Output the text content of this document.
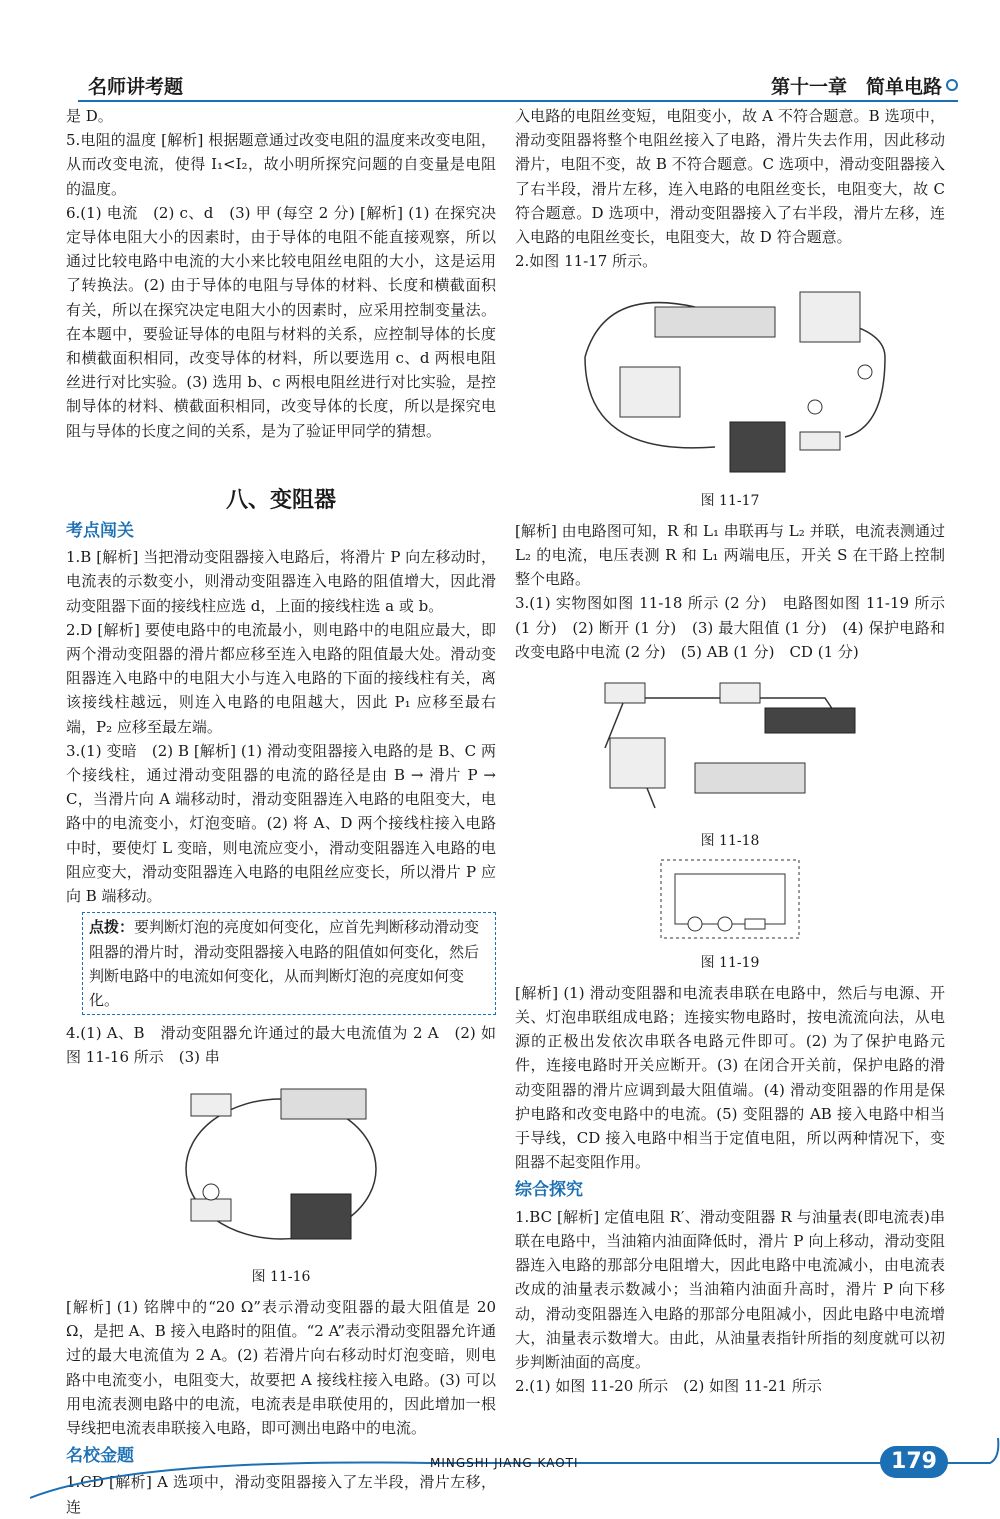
名师讲考题	第十一章　简单电路

是 D。

5.电阻的温度 [解析] 根据题意通过改变电阻的温度来改变电阻，从而改变电流，使得 I₁<I₂，故小明所探究问题的自变量是电阻的温度。

6.(1) 电流　(2) c、d　(3) 甲 (每空 2 分) [解析] (1) 在探究决定导体电阻大小的因素时，由于导体的电阻不能直接观察，所以通过比较电路中电流的大小来比较电阻丝电阻的大小，这是运用了转换法。(2) 由于导体的电阻与导体的材料、长度和横截面积有关，所以在探究决定电阻大小的因素时，应采用控制变量法。在本题中，要验证导体的电阻与材料的关系，应控制导体的长度和横截面积相同，改变导体的材料，所以要选用 c、d 两根电阻丝进行对比实验。(3) 选用 b、c 两根电阻丝进行对比实验，是控制导体的材料、横截面积相同，改变导体的长度，所以是探究电阻与导体的长度之间的关系，是为了验证甲同学的猜想。

八、变阻器
考点闯关

1.B [解析] 当把滑动变阻器接入电路后，将滑片 P 向左移动时，电流表的示数变小，则滑动变阻器连入电路的阻值增大，因此滑动变阻器下面的接线柱应选 d，上面的接线柱选 a 或 b。

2.D [解析] 要使电路中的电流最小，则电路中的电阻应最大，即两个滑动变阻器的滑片都应移至连入电路的阻值最大处。滑动变阻器连入电路中的电阻大小与连入电路的下面的接线柱有关，离该接线柱越远，则连入电路的电阻越大，因此 P₁ 应移至最右端，P₂ 应移至最左端。

3.(1) 变暗　(2) B [解析] (1) 滑动变阻器接入电路的是 B、C 两个接线柱，通过滑动变阻器的电流的路径是由 B → 滑片 P → C，当滑片向 A 端移动时，滑动变阻器连入电路的电阻变大，电路中的电流变小，灯泡变暗。(2) 将 A、D 两个接线柱接入电路中时，要使灯 L 变暗，则电流应变小，滑动变阻器连入电路的电阻应变大，滑动变阻器连入电路的电阻丝应变长，所以滑片 P 应向 B 端移动。

点拨：要判断灯泡的亮度如何变化，应首先判断移动滑动变阻器的滑片时，滑动变阻器接入电路的阻值如何变化，然后判断电路中的电流如何变化，从而判断灯泡的亮度如何变化。

4.(1) A、B　滑动变阻器允许通过的最大电流值为 2 A　(2) 如图 11-16 所示　(3) 串

图 11-16

[解析] (1) 铭牌中的“20 Ω”表示滑动变阻器的最大阻值是 20 Ω，是把 A、B 接入电路时的阻值。“2 A”表示滑动变阻器允许通过的最大电流值为 2 A。(2) 若滑片向右移动时灯泡变暗，则电路中电流变小，电阻变大，故要把 A 接线柱接入电路。(3) 可以用电流表测电路中的电流，电流表是串联使用的，因此增加一根导线把电流表串联接入电路，即可测出电路中的电流。

名校金题

1.CD [解析] A 选项中，滑动变阻器接入了左半段，滑片左移，连

入电路的电阻丝变短，电阻变小，故 A 不符合题意。B 选项中，滑动变阻器将整个电阻丝接入了电路，滑片失去作用，因此移动滑片，电阻不变，故 B 不符合题意。C 选项中，滑动变阻器接入了右半段，滑片左移，连入电路的电阻丝变长，电阻变大，故 C 符合题意。D 选项中，滑动变阻器接入了右半段，滑片左移，连入电路的电阻丝变长，电阻变大，故 D 符合题意。

2.如图 11-17 所示。

图 11-17

[解析] 由电路图可知，R 和 L₁ 串联再与 L₂ 并联，电流表测通过 L₂ 的电流，电压表测 R 和 L₁ 两端电压，开关 S 在干路上控制整个电路。

3.(1) 实物图如图 11-18 所示 (2 分)　电路图如图 11-19 所示 (1 分)　(2) 断开 (1 分)　(3) 最大阻值 (1 分)　(4) 保护电路和改变电路中电流 (2 分)　(5) AB (1 分)　CD (1 分)

图 11-18
图 11-19

[解析] (1) 滑动变阻器和电流表串联在电路中，然后与电源、开关、灯泡串联组成电路；连接实物电路时，按电流流向法，从电源的正极出发依次串联各电路元件即可。(2) 为了保护电路元件，连接电路时开关应断开。(3) 在闭合开关前，保护电路的滑动变阻器的滑片应调到最大阻值端。(4) 滑动变阻器的作用是保护电路和改变电路中的电流。(5) 变阻器的 AB 接入电路中相当于导线，CD 接入电路中相当于定值电阻，所以两种情况下，变阻器不起变阻作用。

综合探究

1.BC [解析] 定值电阻 R′、滑动变阻器 R 与油量表(即电流表)串联在电路中，当油箱内油面降低时，滑片 P 向上移动，滑动变阻器连入电路的那部分电阻增大，因此电路中电流减小，由电流表改成的油量表示数减小；当油箱内油面升高时，滑片 P 向下移动，滑动变阻器连入电路的那部分电阻减小，因此电路中电流增大，油量表示数增大。由此，从油量表指针所指的刻度就可以初步判断油面的高度。

2.(1) 如图 11-20 所示　(2) 如图 11-21 所示

MINGSHI JIANG KAOTI	179
